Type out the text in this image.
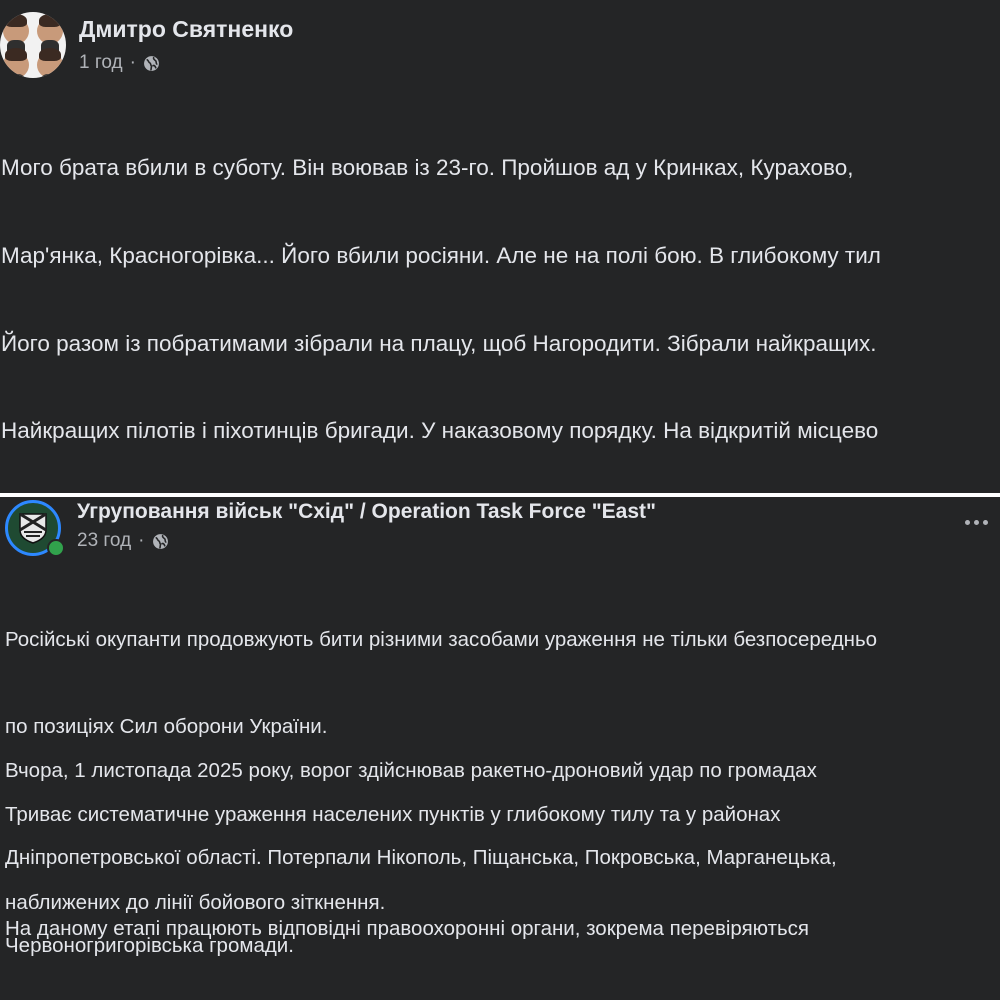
Дмитро Святненко
1 год ·

Мого брата вбили в суботу. Він воював із 23-го. Пройшов ад у Кринках, Курахово,

Мар'янка, Красногорівка... Його вбили росіяни. Але не на полі бою. В глибокому тил

Його разом із побратимами зібрали на плацу, щоб Нагородити. Зібрали найкращих.

Найкращих пілотів і піхотинців бригади. У наказовому порядку. На відкритій місцево

Угруповання військ "Схід" / Operation Task Force "East"
23 год ·

Російські окупанти продовжують бити різними засобами ураження не тільки безпосередньо

по позиціях Сил оборони України.

Триває систематичне ураження населених пунктів у глибокому тилу та у районах

наближених до лінії бойового зіткнення.

Вчора, 1 листопада 2025 року, ворог здійснював ракетно-дроновий удар по громадах

Дніпропетровської області. Потерпали Нікополь, Піщанська, Покровська, Марганецька,

Червоногригорівська громади.

На даному етапі працюють відповідні правоохоронні органи, зокрема перевіряються
